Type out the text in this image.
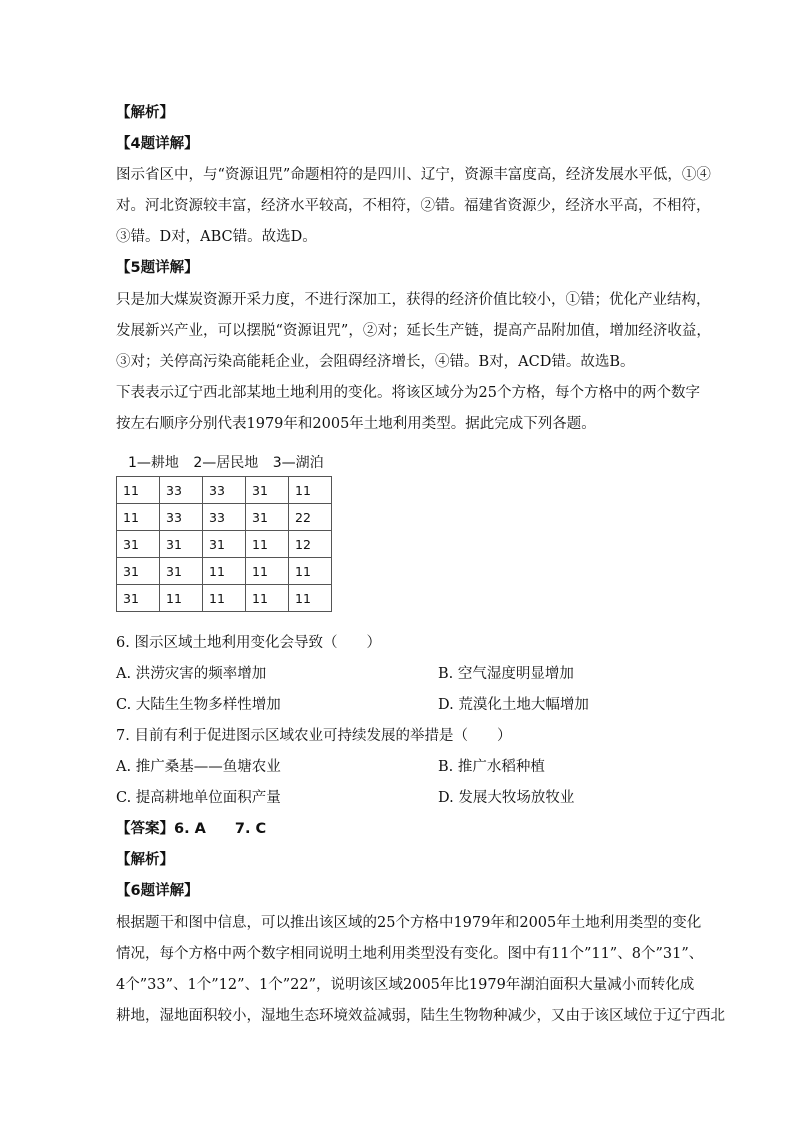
【解析】
【4题详解】
图示省区中，与“资源诅咒”命题相符的是四川、辽宁，资源丰富度高，经济发展水平低，①④
对。河北资源较丰富，经济水平较高，不相符，②错。福建省资源少，经济水平高，不相符，
③错。D对，ABC错。故选D。
【5题详解】
只是加大煤炭资源开采力度，不进行深加工，获得的经济价值比较小，①错；优化产业结构，
发展新兴产业，可以摆脱“资源诅咒”，②对；延长生产链，提高产品附加值，增加经济收益，
③对；关停高污染高能耗企业，会阻碍经济增长，④错。B对，ACD错。故选B。
下表表示辽宁西北部某地土地利用的变化。将该区域分为25个方格，每个方格中的两个数字
按左右顺序分别代表1979年和2005年土地利用类型。据此完成下列各题。
1—耕地 2—居民地 3—湖泊
11	33	33	31	11
11	33	33	31	22
31	31	31	11	12
31	31	11	11	11
31	11	11	11	11
6. 图示区域土地利用变化会导致（　　）
A. 洪涝灾害的频率增加	B. 空气湿度明显增加
C. 大陆生生物多样性增加	D. 荒漠化土地大幅增加
7. 目前有利于促进图示区域农业可持续发展的举措是（　　）
A. 推广桑基——鱼塘农业	B. 推广水稻种植
C. 提高耕地单位面积产量	D. 发展大牧场放牧业
【答案】6. A　　7. C
【解析】
【6题详解】
根据题干和图中信息，可以推出该区域的25个方格中1979年和2005年土地利用类型的变化
情况，每个方格中两个数字相同说明土地利用类型没有变化。图中有11个”11”、8个”31”、
4个”33”、1个”12”、1个”22”，说明该区域2005年比1979年湖泊面积大量减小而转化成
耕地，湿地面积较小，湿地生态环境效益减弱，陆生生物物种减少，又由于该区域位于辽宁西北
